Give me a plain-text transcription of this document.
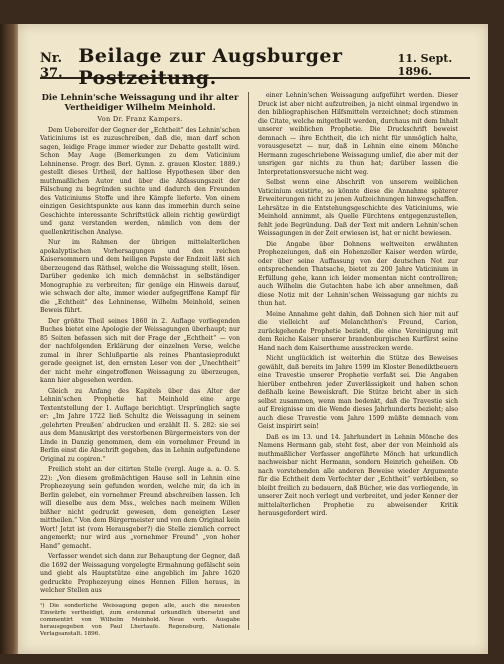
Nr. 37.
Beilage zur Augsburger Postzeitung.
11. Sept. 1896.
Die Lehnin'sche Weissagung und ihr alter Vertheidiger Wilhelm Meinhold.
Von Dr. Franz Kampers.

Dem Uebereifer der Gegner der „Echtheit“ des Lehnin'schen Vaticiniums ist es zuzuschreiben, daß die, man darf schon sagen, leidige Frage immer wieder zur Debatte gestellt wird. Schon May Auge (Bemerkungen zu dem Vaticinium Lehninense. Progr. des Berl. Gymn. z. grauen Kloster. 1889.) gestellt dieses Urtheil, der haltlose Hypothesen über den muthmaßlichen Autor und über die Abfassungszeit der Fälschung zu begründen suchte und dadurch den Freunden des Vaticiniums Stoffe und ihre Kämpfe lieferte. Von einem einzigen Gesichtspunkte aus kann das immerhin durch seine Geschichte interessante Schriftstück allein richtig gewürdigt und ganz verstanden werden, nämlich von dem der quellenkritischen Analyse.

Nur im Rahmen der übrigen mittelalterlichen apokalyptischen Vorhersagungen und den reichen Kaisersommern und dem heiligen Papste der Endzeit läßt sich überzeugend das Räthsel, welche die Weissagung stellt, lösen. Darüber gedenke ich mich demnächst in selbständiger Monographie zu verbreiten; für genüge ein Hinweis darauf, wie schwach der alte, immer wieder aufgegriffene Kampf für die „Echtheit“ des Lehninense, Wilhelm Meinhold, seinen Beweis führt.

Der größte Theil seines 1860 in 2. Auflage vorliegenden Buches bietet eine Apologie der Weissagungen überhaupt; nur 85 Seiten befassen sich mit der Frage der „Echtheit“ — von der nachfolgenden Erklärung der einzelnen Verse, welche zumal in ihrer Schlußpartie als reines Phantasieprodukt gerade geeignet ist, den ernsten Leser von der „Unechtheit“ der nicht mehr eingetroffenen Weissagung zu überzeugen, kann hier abgesehen werden.

Gleich zu Anfang des Kapitels über das Alter der Lehnin'schen Prophetie hat Meinhold eine arge Textentstellung der 1. Auflage berichtigt. Ursprünglich sagte er: „Im Jahre 1722 ließ Schultz die Weissagung in seinem ‚gelehrten Preußen‘ abdrucken und erzählt II. S. 282: sie sei aus dem Manuskript des verstorbenen Bürgermeisters von der Linde in Danzig genommen, dem ein vornehmer Freund in Berlin einst die Abschrift gegeben, das in Lehnin aufgefundene Original zu copiren.“

Freilich steht an der citirten Stelle (vergl. Auge a. a. O. S. 22): „Von diesem großmächtigen Hause soll in Lehnin eine Prophezeyung sein gefunden worden, welche mir, da ich in Berlin gelebet, ein vornehmer Freund abschreiben lassen. Ich will dieselbe aus dem Mss., welches nach meinem Willen bißher nicht gedruckt gewesen, dem geneigten Leser mittheilen.“ Von dem Bürgermeister und von dem Original kein Wort! Jetzt ist (vom Herausgeber?) die Stelle ziemlich correct angemerkt; nur wird aus „vornehmer Freund“ „von hoher Hand“ gemacht.

Verfasser wendet sich dann zur Behauptung der Gegner, daß die 1692 der Weissagung vorgelegte Ermahnung gefälscht sein und giebt als Hauptstütze eine angeblich im Jahre 1620 gedruckte Prophezeyung eines Hennen Fillen heraus, in welcher Stellen aus

¹) Die sonderliche Weissagung gegen alle, auch die neuesten Einwürfe vertheidigt, zum erstenmal urkundlich übersetzt und commentirt von Wilhelm Meinhold. Neue verb. Ausgabe herausgegeben von Paul Lhertaufe. Regensburg, Nationale Verlagsanstalt. 1896.

einer Lehnin'schen Weissagung aufgeführt werden. Dieser Druck ist aber nicht aufzutreiben, ja nicht einmal irgendwo in den bibliographischen Hilfsmitteln verzeichnet; doch stimmen die Citate, welche mitgetheilt werden, durchaus mit dem Inhalt unserer weiblichen Prophetie. Die Druckschrift beweist demnach — ihre Echtheit, die ich nicht für unmöglich halte, vorausgesetzt — nur, daß in Lehnin eine einem Mönche Hermann zugeschriebene Weissagung umlief, die aber mit der unsrigen gar nichts zu thun hat; darüber lassen die Interpretationsversuche nicht weg.

Selbst wenn eine Abschrift von unserem weiblichen Vaticinium existirte, so könnte diese die Annahme späterer Erweiterungen nicht zu jenen Aufzeichnungen hinwegschaffen. Lehrsätze in die Entstehungsgeschichte des Vaticiniums, wie Meinhold annimmt, als Quelle Fürchtens entgegenzustellen, fehlt jede Begründung. Daß der Text mit andern Lehnin'schen Weissagungen in der Zeit erwiesen ist, hat er nicht bewiesen.

Die Angabe über Dohnens weltweiten erwähnten Prophezeiungen, daß ein Hohenzoller Kaiser werden würde, oder über seine Auffassung von der deutschen Not zur entsprechenden Thatsache, bietet zu 200 Jahre Vaticinium in Erfüllung gehe, kann ich leider momentan nicht controlliren; auch Wilhelm die Gutachten habe ich aber annehmen, daß diese Notiz mit der Lehnin'schen Weissagung gar nichts zu thun hat.

Meine Annahme geht dahin, daß Dohnen sich hier mit auf die vielleicht auf Melanchthon's Freund, Carion, zurückgehende Prophetie bezieht, die eine Vereinigung mit dem Reiche Kaiser unserer brandenburgischen Kurfürst seine Hand nach dem Kaiserthume ausstrecken werde.

Nicht unglücklich ist weiterhin die Stütze des Beweises gewählt, daß bereits im Jahre 1599 im Kloster Benediktbeuern eine Travestie unserer Prophetie verfaßt sei. Die Angaben hierüber entbehren jeder Zuverlässigkeit und haben schon deßhalb keine Beweiskraft. Die Stütze bricht aber in sich selbst zusammen, wenn man bedenkt, daß die Travestie sich auf Ereignisse um die Wende dieses Jahrhunderts bezieht; also auch diese Travestie vom Jahre 1599 müßte demnach vom Geist inspirirt sein!

Daß es im 13. und 14. Jahrhundert in Lehnin Mönche des Namens Hermann gab, steht fest, aber der von Meinhold als muthmaßlicher Verfasser angeführte Mönch hat urkundlich nachweisbar nicht Hermann, sondern Heinrich geheißen. Ob nach vorstehenden alle anderen Beweise wieder Argumente für die Echtheit dem Verfechter der „Echtheit“ verbleiben, so bleibt freilich zu bedauern, daß Bücher, wie das vorliegende, in unserer Zeit noch verlegt und verbreitet, und jeder Kenner der mittelalterlichen Prophetie zu abweisender Kritik herausgefordert wird.
